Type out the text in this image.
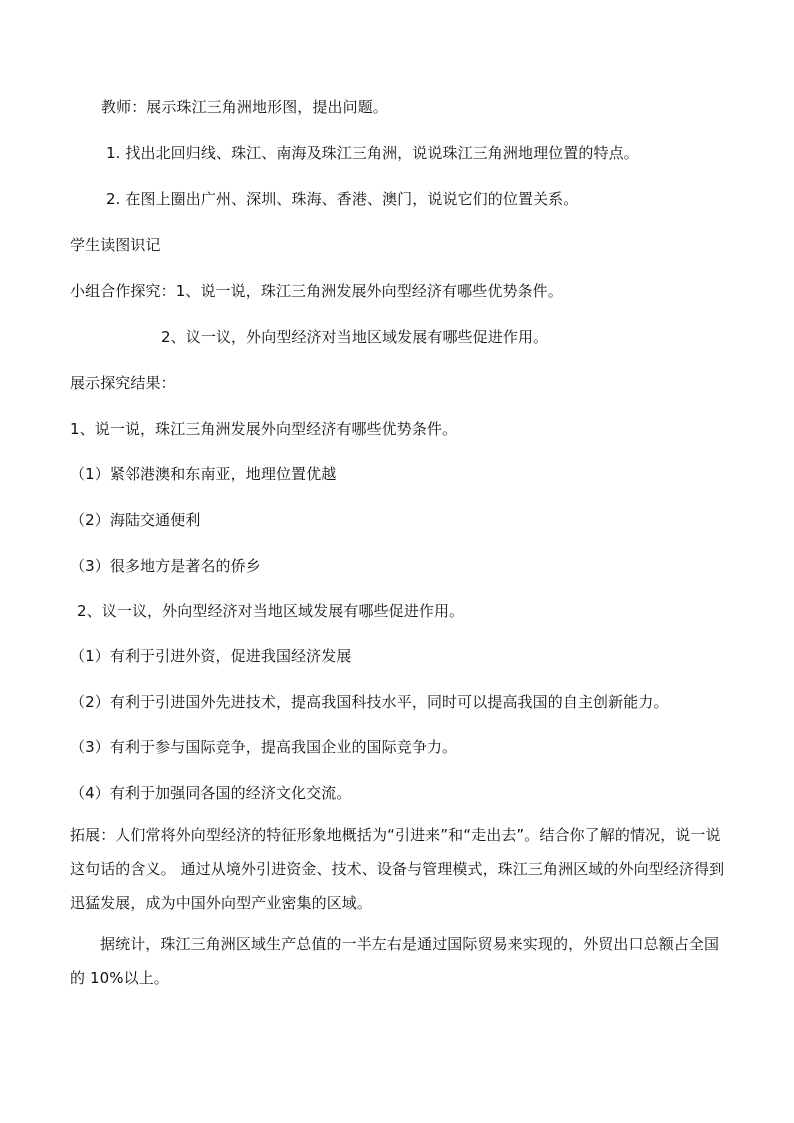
教师：展示珠江三角洲地形图，提出问题。
1. 找出北回归线、珠江、南海及珠江三角洲，说说珠江三角洲地理位置的特点。
2. 在图上圈出广州、深圳、珠海、香港、澳门，说说它们的位置关系。
学生读图识记
小组合作探究：1、说一说，珠江三角洲发展外向型经济有哪些优势条件。
2、议一议，外向型经济对当地区域发展有哪些促进作用。
展示探究结果：
1、说一说，珠江三角洲发展外向型经济有哪些优势条件。
（1）紧邻港澳和东南亚，地理位置优越
（2）海陆交通便利
（3）很多地方是著名的侨乡
2、议一议，外向型经济对当地区域发展有哪些促进作用。
（1）有利于引进外资，促进我国经济发展
（2）有利于引进国外先进技术，提高我国科技水平，同时可以提高我国的自主创新能力。
（3）有利于参与国际竞争，提高我国企业的国际竞争力。
（4）有利于加强同各国的经济文化交流。
拓展：人们常将外向型经济的特征形象地概括为“引进来”和“走出去”。结合你了解的情况，说一说这句话的含义。 通过从境外引进资金、技术、设备与管理模式，珠江三角洲区域的外向型经济得到迅猛发展，成为中国外向型产业密集的区域。
据统计，珠江三角洲区域生产总值的一半左右是通过国际贸易来实现的，外贸出口总额占全国的 10%以上。
